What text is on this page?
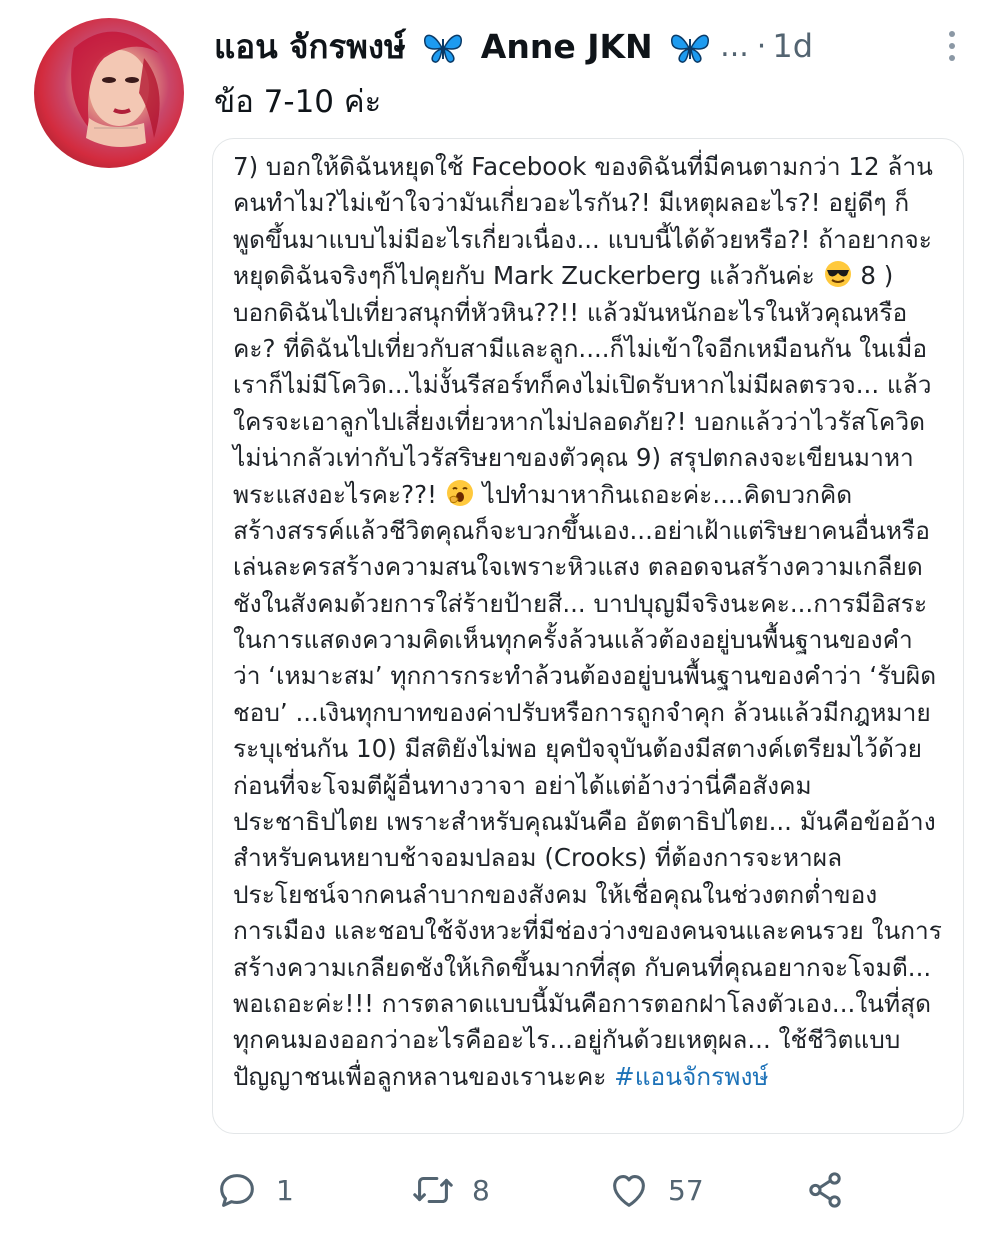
แอน จักรพงษ์ Anne JKN	... · 1d
ข้อ 7-10 ค่ะ
7) บอกให้ดิฉันหยุดใช้ Facebook ของดิฉันที่มีคนตามกว่า 12 ล้าน
คนทำไม?ไม่เข้าใจว่ามันเกี่ยวอะไรกัน?! มีเหตุผลอะไร?! อยู่ดีๆ ก็
พูดขึ้นมาแบบไม่มีอะไรเกี่ยวเนื่อง... แบบนี้ได้ด้วยหรือ?! ถ้าอยากจะ
หยุดดิฉันจริงๆก็ไปคุยกับ Mark Zuckerberg แล้วกันค่ะ 8 )
บอกดิฉันไปเที่ยวสนุกที่หัวหิน??!! แล้วมันหนักอะไรในหัวคุณหรือ
คะ? ที่ดิฉันไปเที่ยวกับสามีและลูก....ก็ไม่เข้าใจอีกเหมือนกัน ในเมื่อ
เราก็ไม่มีโควิด...ไม่งั้นรีสอร์ทก็คงไม่เปิดรับหากไม่มีผลตรวจ... แล้ว
ใครจะเอาลูกไปเสี่ยงเที่ยวหากไม่ปลอดภัย?! บอกแล้วว่าไวรัสโควิด
ไม่น่ากลัวเท่ากับไวรัสริษยาของตัวคุณ 9) สรุปตกลงจะเขียนมาหา
พระแสงอะไรคะ??! ไปทำมาหากินเถอะค่ะ....คิดบวกคิด
สร้างสรรค์แล้วชีวิตคุณก็จะบวกขึ้นเอง...อย่าเฝ้าแต่ริษยาคนอื่นหรือ
เล่นละครสร้างความสนใจเพราะหิวแสง ตลอดจนสร้างความเกลียด
ชังในสังคมด้วยการใส่ร้ายป้ายสี... บาปบุญมีจริงนะคะ...การมีอิสระ
ในการแสดงความคิดเห็นทุกครั้งล้วนแล้วต้องอยู่บนพื้นฐานของคำ
ว่า ‘เหมาะสม’ ทุกการกระทำล้วนต้องอยู่บนพื้นฐานของคำว่า ‘รับผิด
ชอบ’ ...เงินทุกบาทของค่าปรับหรือการถูกจำคุก ล้วนแล้วมีกฎหมาย
ระบุเช่นกัน 10) มีสติยังไม่พอ ยุคปัจจุบันต้องมีสตางค์เตรียมไว้ด้วย
ก่อนที่จะโจมตีผู้อื่นทางวาจา อย่าได้แต่อ้างว่านี่คือสังคม
ประชาธิปไตย เพราะสำหรับคุณมันคือ อัตตาธิปไตย... มันคือข้ออ้าง
สำหรับคนหยาบช้าจอมปลอม (Crooks) ที่ต้องการจะหาผล
ประโยชน์จากคนลำบากของสังคม ให้เชื่อคุณในช่วงตกต่ำของ
การเมือง และชอบใช้จังหวะที่มีช่องว่างของคนจนและคนรวย ในการ
สร้างความเกลียดชังให้เกิดขึ้นมากที่สุด กับคนที่คุณอยากจะโจมตี...
พอเถอะค่ะ!!! การตลาดแบบนี้มันคือการตอกฝาโลงตัวเอง...ในที่สุด
ทุกคนมองออกว่าอะไรคืออะไร...อยู่กันด้วยเหตุผล... ใช้ชีวิตแบบ
ปัญญาชนเพื่อลูกหลานของเรานะคะ #แอนจักรพงษ์
1	8	57
